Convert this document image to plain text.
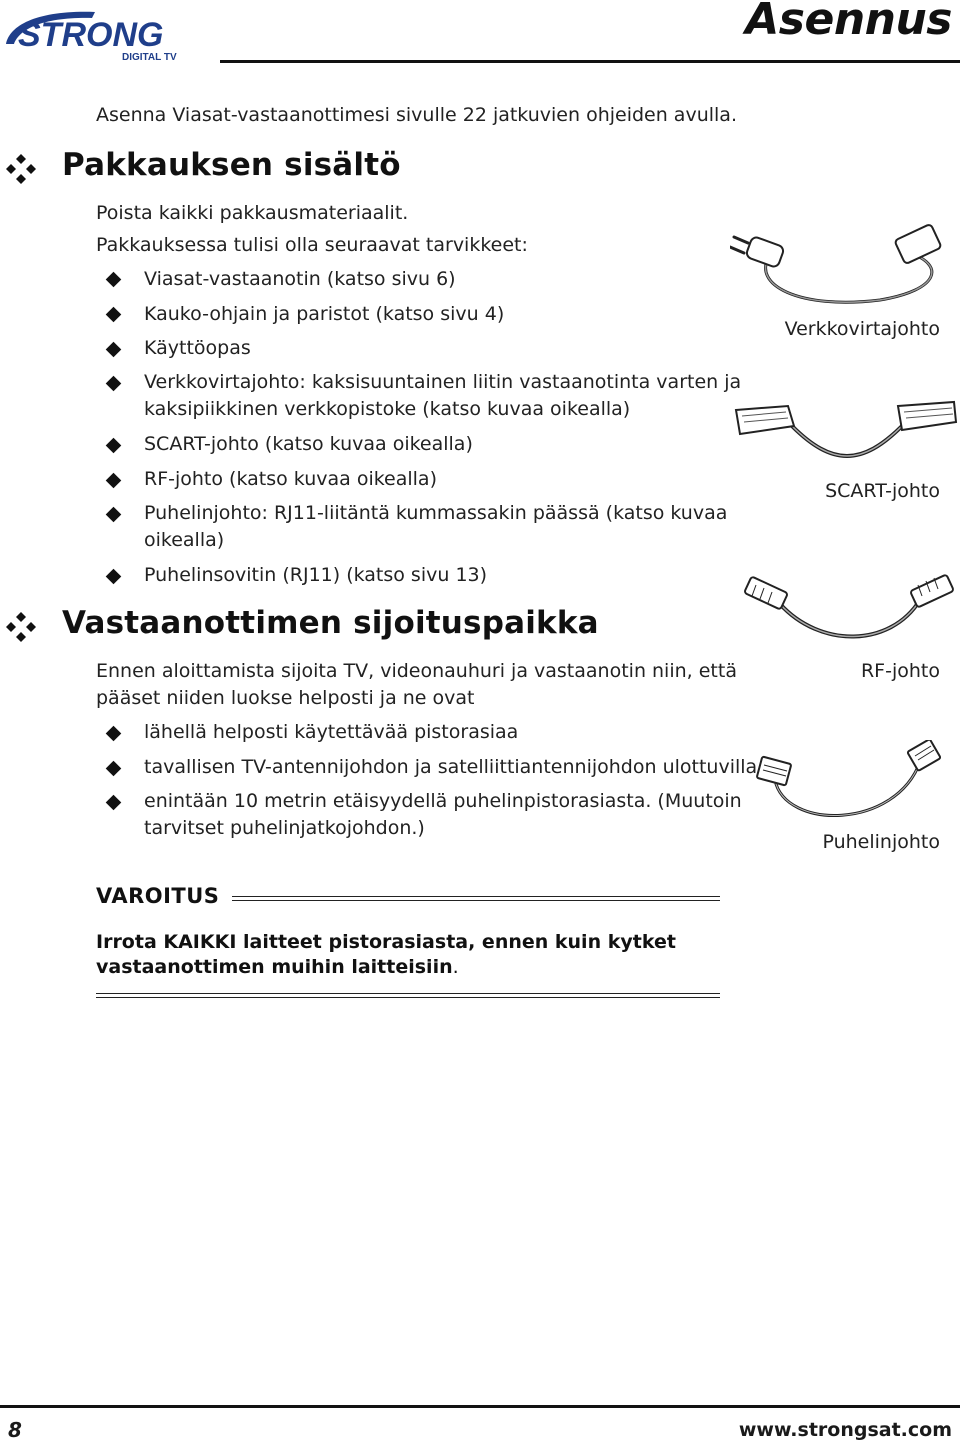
STRONG
DIGITAL TV
Asennus
Asenna Viasat-vastaanottimesi sivulle 22 jatkuvien ohjeiden avulla.
Pakkauksen sisältö
Poista kaikki pakkausmateriaalit.
Pakkauksessa tulisi olla seuraavat tarvikkeet:
Viasat-vastaanotin (katso sivu 6)
Kauko-ohjain ja paristot (katso sivu 4)
Käyttöopas
Verkkovirtajohto: kaksisuuntainen liitin vastaanotinta varten ja
kaksipiikkinen verkkopistoke (katso kuvaa oikealla)
SCART-johto (katso kuvaa oikealla)
RF-johto (katso kuvaa oikealla)
Puhelinjohto: RJ11-liitäntä kummassakin päässä (katso kuvaa
oikealla)
Puhelinsovitin (RJ11) (katso sivu 13)
Vastaanottimen sijoituspaikka
Ennen aloittamista sijoita TV, videonauhuri ja vastaanotin niin, että
pääset niiden luokse helposti ja ne ovat
lähellä helposti käytettävää pistorasiaa
tavallisen TV-antennijohdon ja satelliittiantennijohdon ulottuvilla
enintään 10 metrin etäisyydellä puhelinpistorasiasta. (Muutoin
tarvitset puhelinjatkojohdon.)
VAROITUS
Irrota KAIKKI laitteet pistorasiasta, ennen kuin kytket
vastaanottimen muihin laitteisiin.
Verkkovirtajohto
SCART-johto
RF-johto
Puhelinjohto
8	www.strongsat.com
